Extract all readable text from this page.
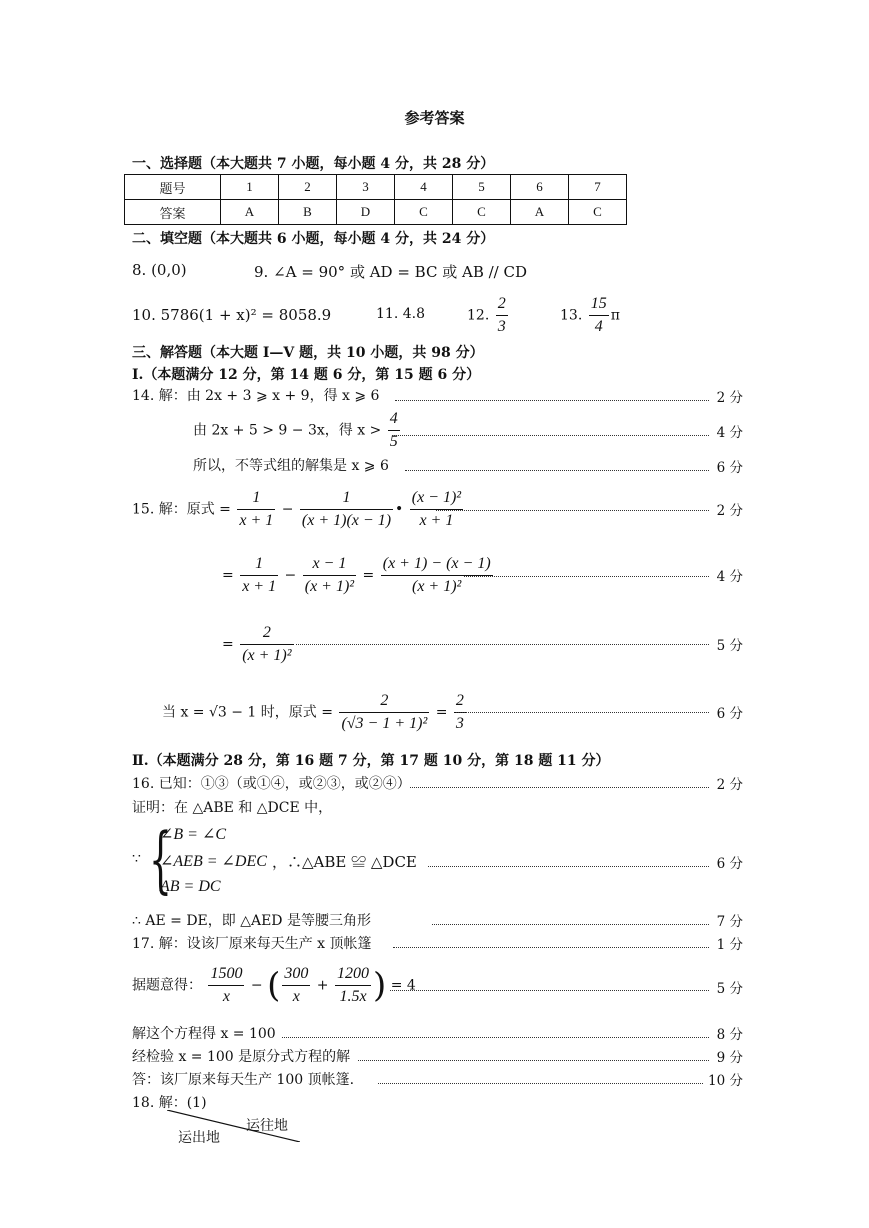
参考答案
一、选择题（本大题共 7 小题，每小题 4 分，共 28 分）
题号	1	2	3	4	5	6	7
答案	A	B	D	C	C	A	C
二、填空题（本大题共 6 小题，每小题 4 分，共 24 分）
8. (0,0)	9. ∠A = 90° 或 AD = BC 或 AB // CD
10. 5786(1 + x)² = 8058.9	11. 4.8	12. $\frac{2}{3}$	13. $\frac{15}{4}$ π
三、解答题（本大题 Ⅰ—Ⅴ 题，共 10 小题，共 98 分）
Ⅰ.（本题满分 12 分，第 14 题 6 分，第 15 题 6 分）
14. 解：由 2x + 3 ⩾ x + 9，得 x ⩾ 6	2 分
由 2x + 5 > 9 − 3x，得 $x > \frac{4}{5}$	4 分
所以，不等式组的解集是 x ⩾ 6	6 分
15. 解：原式 = $\frac{1}{x + 1} - \frac{1}{(x + 1)(x - 1)}$ • $\frac{\text{(x − 1)²}}{x + 1}$	2 分
= $\frac{1}{x + 1} - \frac{x - 1}{\text{(x + 1)²}} = \frac{(x + 1) - (x - 1)}{\text{(x + 1)²}}$	4 分
= $\frac{2}{\text{(x + 1)²}}$	5 分
当 x = √3 − 1 时，原式 = $\frac{2}{\text{(√3 − 1 + 1)²}} = \frac{2}{3}$	6 分
Ⅱ.（本题满分 28 分，第 16 题 7 分，第 17 题 10 分，第 18 题 11 分）
16. 已知：①③（或①④，或②③，或②④）	2 分
证明：在 △ABE 和 △DCE 中，
∵ {
∠B = ∠C
∠AEB = ∠DEC
AB = DC
，∴△ABE ≌ △DCE	6 分
∴ AE = DE，即 △AED 是等腰三角形	7 分
17. 解：设该厂原来每天生产 x 顶帐篷	1 分
据题意得： $\frac{1500}{x}$ − ( $\frac{300}{x} + \frac{1200}{1.5x}$ ) = 4	5 分
解这个方程得 x = 100	8 分
经检验 x = 100 是原分式方程的解	9 分
答：该厂原来每天生产 100 顶帐篷.	10 分
18. 解：(1)
运往地
运出地
